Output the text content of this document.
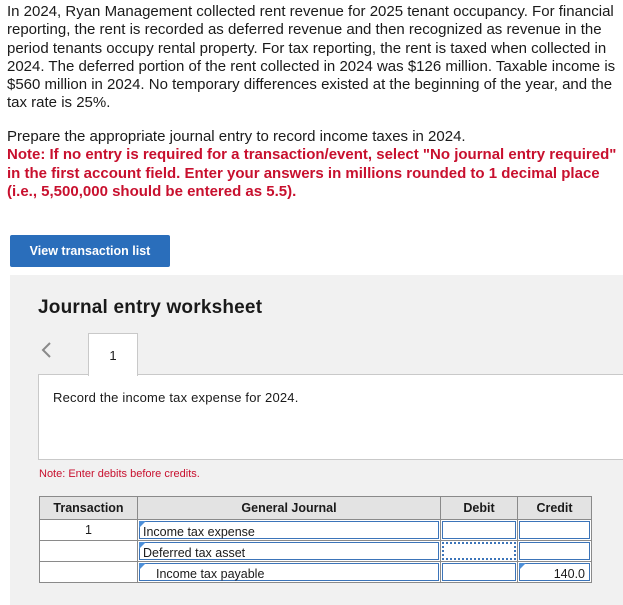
In 2024, Ryan Management collected rent revenue for 2025 tenant occupancy. For financial reporting, the rent is recorded as deferred revenue and then recognized as revenue in the period tenants occupy rental property. For tax reporting, the rent is taxed when collected in 2024. The deferred portion of the rent collected in 2024 was $126 million. Taxable income is $560 million in 2024. No temporary differences existed at the beginning of the year, and the tax rate is 25%.

Prepare the appropriate journal entry to record income taxes in 2024.
Note: If no entry is required for a transaction/event, select "No journal entry required" in the first account field. Enter your answers in millions rounded to 1 decimal place (i.e., 5,500,000 should be entered as 5.5).
View transaction list
Journal entry worksheet
1
Record the income tax expense for 2024.
Note: Enter debits before credits.
Transaction	General Journal	Debit	Credit
1	Income tax expense		

	Deferred tax asset		

	Income tax payable		140.0
